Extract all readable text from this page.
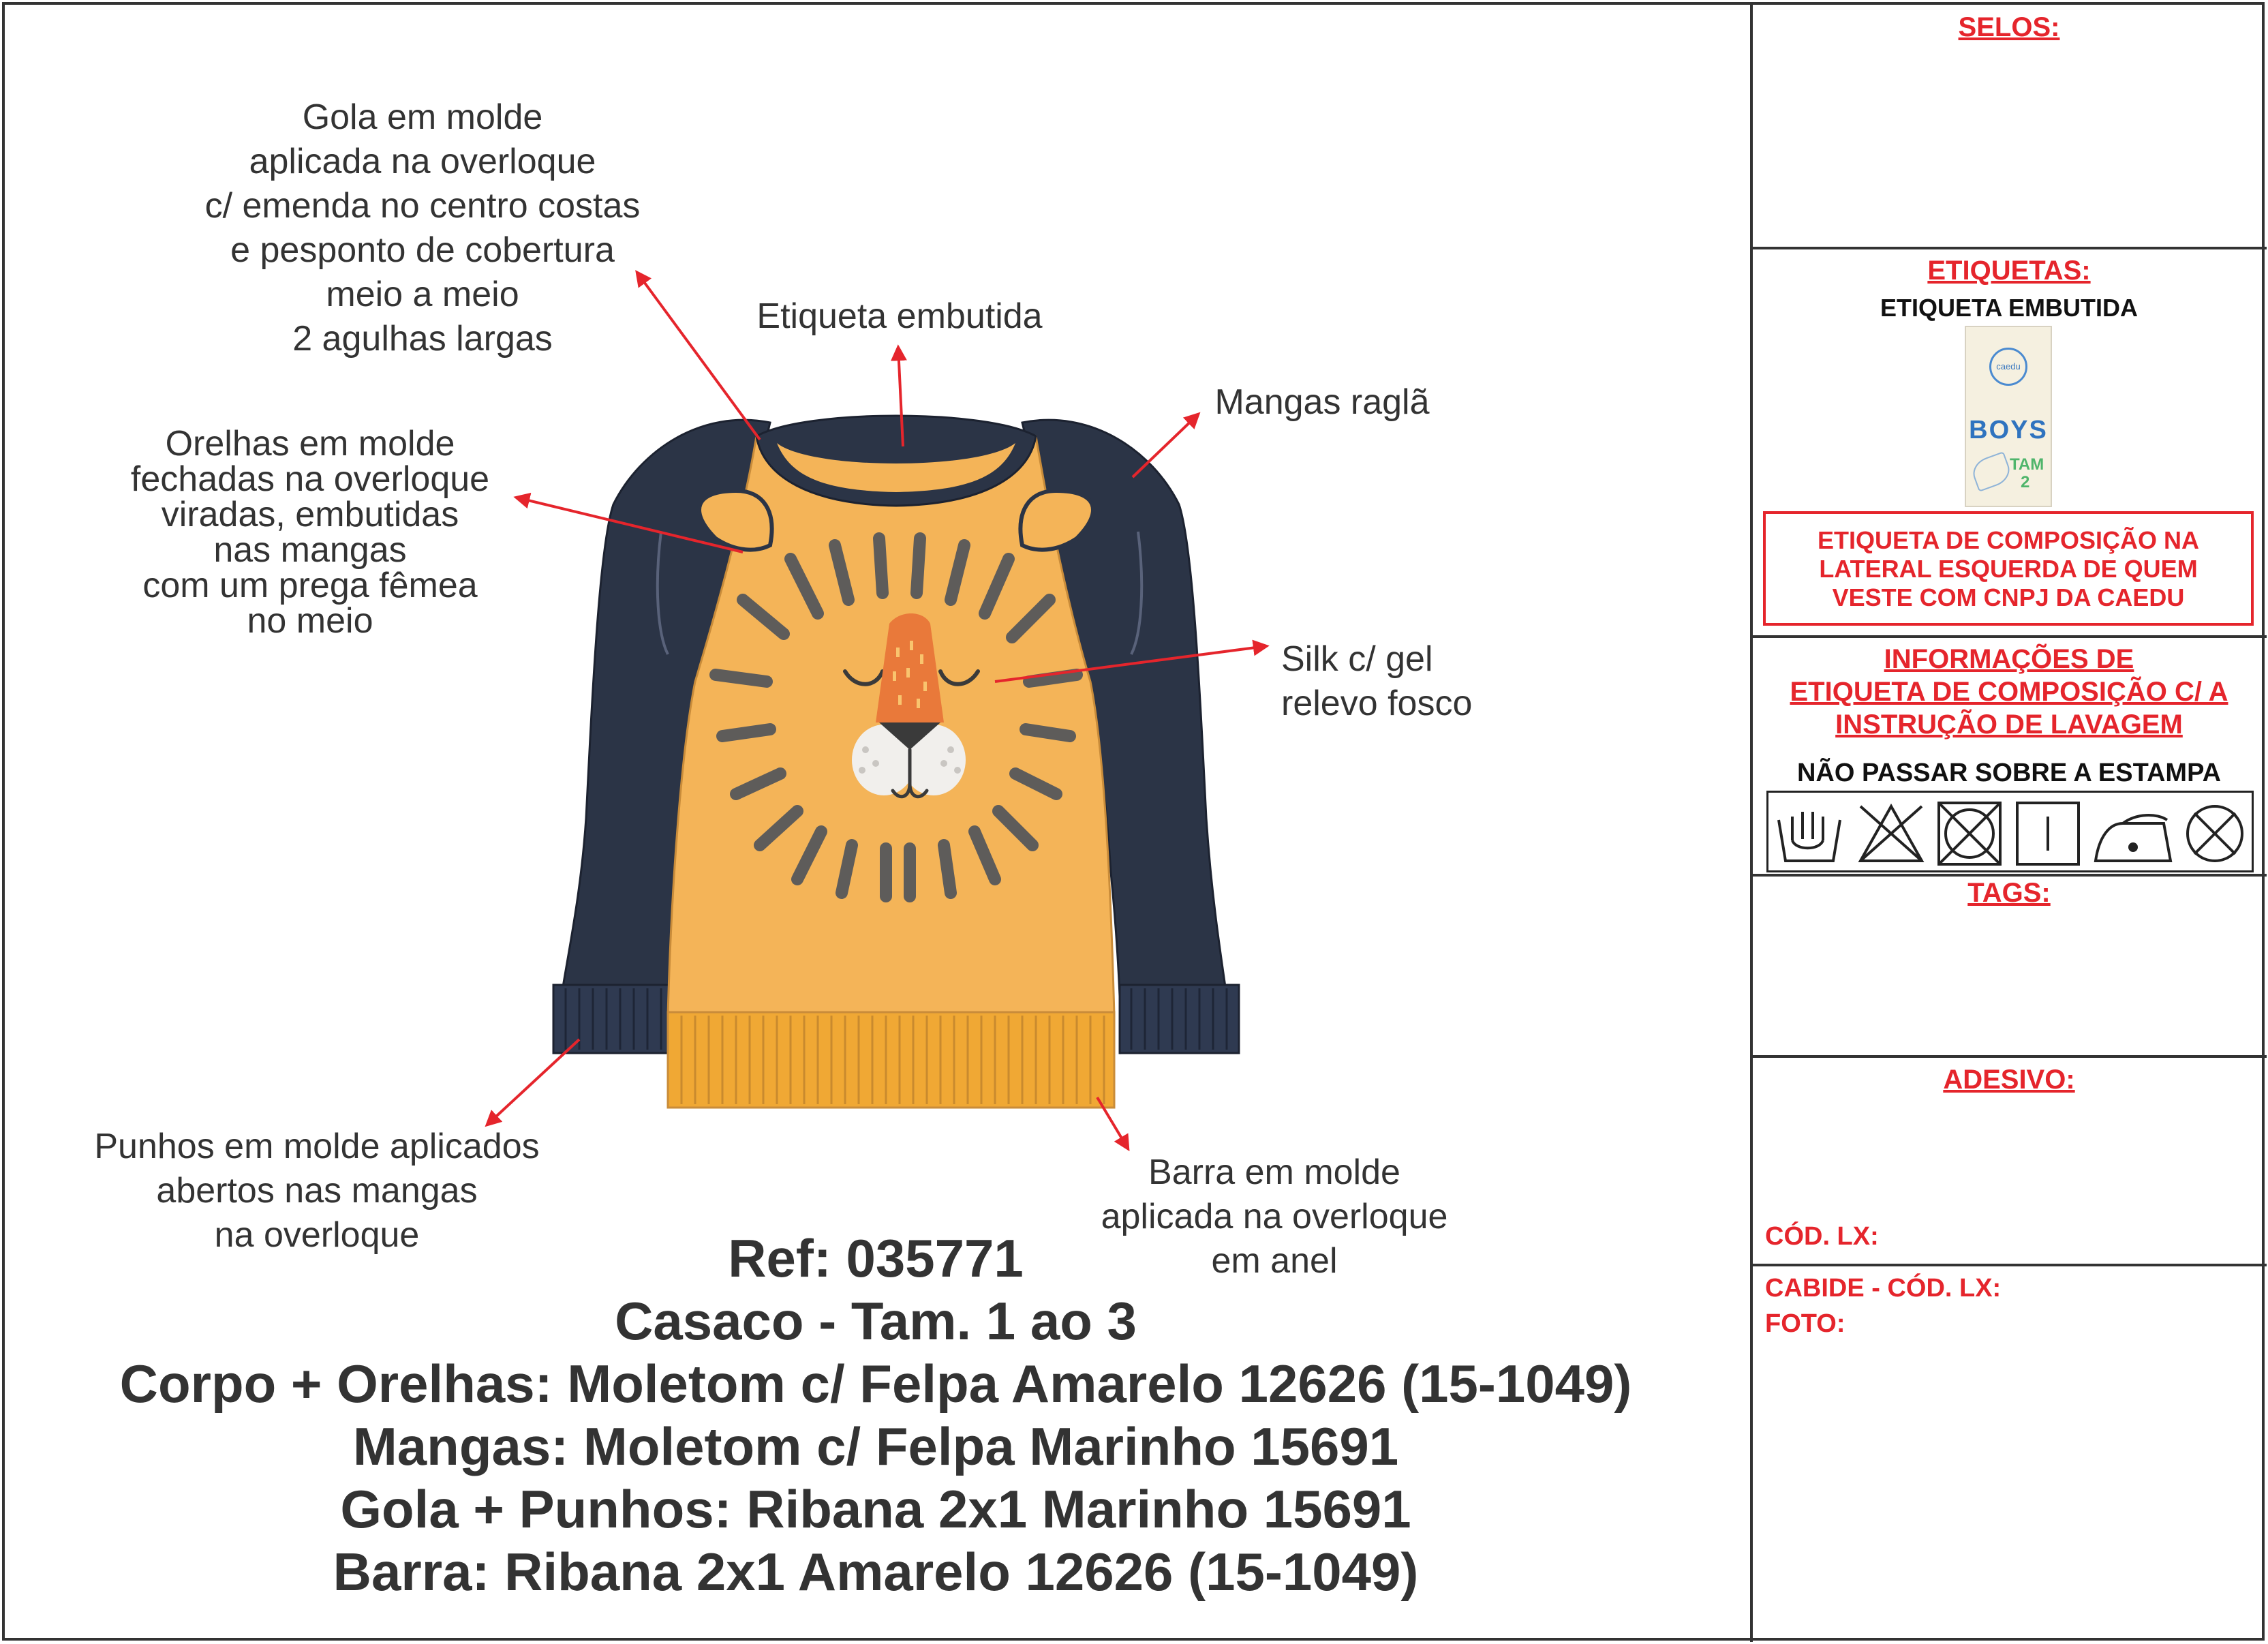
Gola em molde
aplicada na overloque
c/ emenda no centro costas
e pesponto de cobertura
meio a meio
2 agulhas largas
Etiqueta embutida
Mangas raglã
Orelhas em molde
fechadas na overloque
viradas, embutidas
nas mangas
com um prega fêmea
no meio
Silk c/ gel
relevo fosco
Punhos em molde aplicados
abertos nas mangas
na overloque
Barra em molde
aplicada na overloque
em anel
Ref: 035771
Casaco - Tam. 1 ao 3
Corpo + Orelhas: Moletom c/ Felpa Amarelo 12626 (15-1049)
Mangas: Moletom c/ Felpa Marinho 15691
Gola + Punhos: Ribana 2x1 Marinho 15691
Barra: Ribana 2x1 Amarelo 12626 (15-1049)
SELOS:
ETIQUETAS:
ETIQUETA EMBUTIDA
caedu
BOYS
TAM
2
ETIQUETA DE COMPOSIÇÃO NA
LATERAL ESQUERDA DE QUEM
VESTE COM CNPJ DA CAEDU
INFORMAÇÕES DE
ETIQUETA DE COMPOSIÇÃO C/ A
INSTRUÇÃO DE LAVAGEM
NÃO PASSAR SOBRE A ESTAMPA
TAGS:
ADESIVO:
CÓD. LX:
CABIDE - CÓD. LX:
FOTO:
